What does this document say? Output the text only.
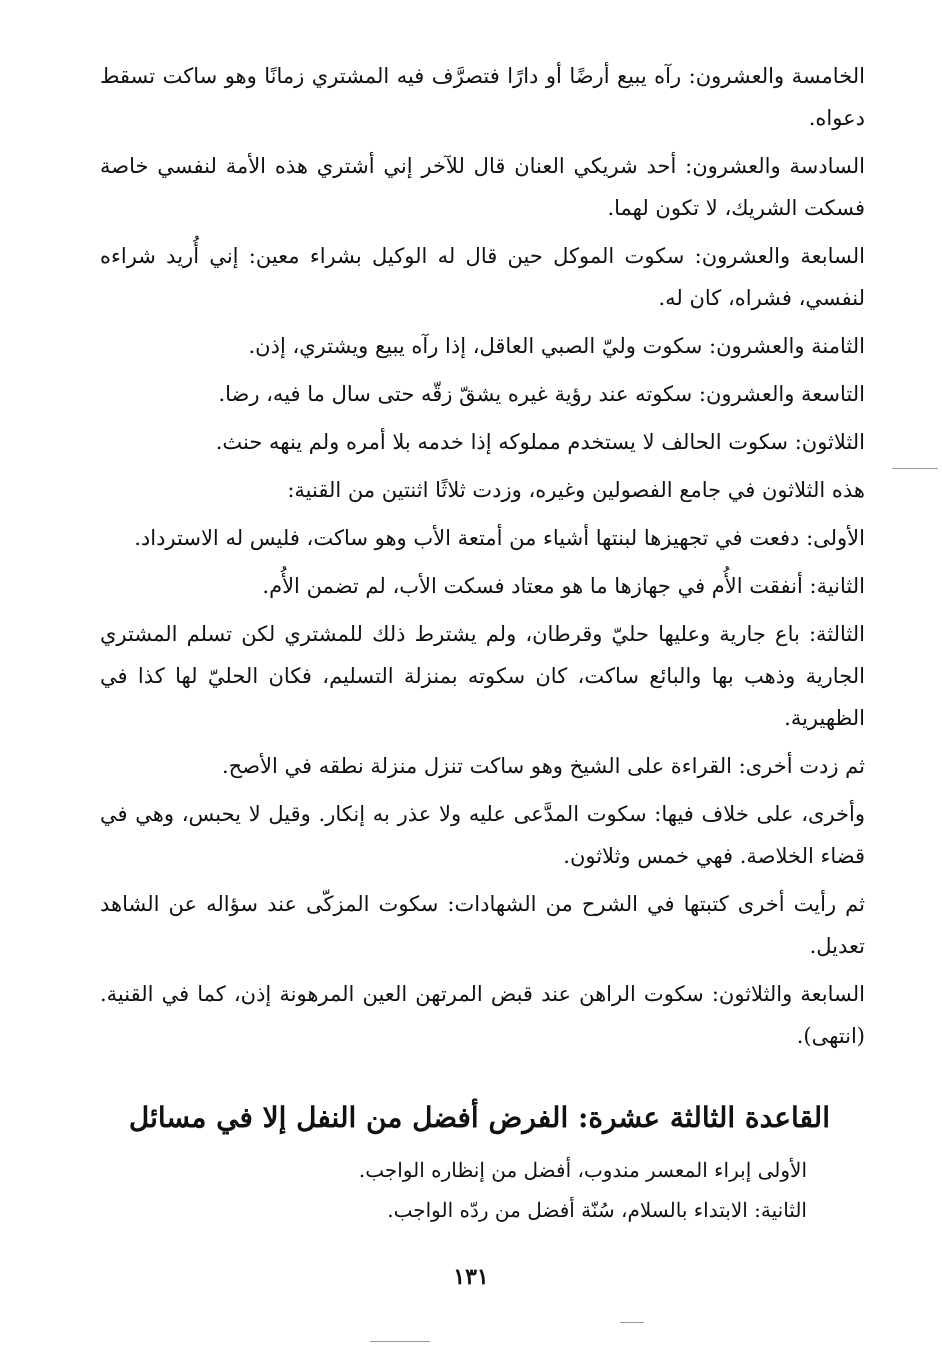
الخامسة والعشرون: رآه يبيع أرضًا أو دارًا فتصرَّف فيه المشتري زمانًا وهو ساكت تسقط دعواه.

السادسة والعشرون: أحد شريكي العنان قال للآخر إني أشتري هذه الأمة لنفسي خاصة فسكت الشريك، لا تكون لهما.

السابعة والعشرون: سكوت الموكل حين قال له الوكيل بشراء معين: إني أُريد شراءه لنفسي، فشراه، كان له.

الثامنة والعشرون: سكوت وليّ الصبي العاقل، إذا رآه يبيع ويشتري، إذن.

التاسعة والعشرون: سكوته عند رؤية غيره يشقّ زقّه حتى سال ما فيه، رضا.

الثلاثون: سكوت الحالف لا يستخدم مملوكه إذا خدمه بلا أمره ولم ينهه حنث.

هذه الثلاثون في جامع الفصولين وغيره، وزدت ثلاثًا اثنتين من القنية:

الأولى: دفعت في تجهيزها لبنتها أشياء من أمتعة الأب وهو ساكت، فليس له الاسترداد.

الثانية: أنفقت الأُم في جهازها ما هو معتاد فسكت الأب، لم تضمن الأُم.

الثالثة: باع جارية وعليها حليّ وقرطان، ولم يشترط ذلك للمشتري لكن تسلم المشتري الجارية وذهب بها والبائع ساكت، كان سكوته بمنزلة التسليم، فكان الحليّ لها كذا في الظهيرية.

ثم زدت أخرى: القراءة على الشيخ وهو ساكت تنزل منزلة نطقه في الأصح.

وأخرى، على خلاف فيها: سكوت المدَّعى عليه ولا عذر به إنكار. وقيل لا يحبس، وهي في قضاء الخلاصة. فهي خمس وثلاثون.

ثم رأيت أخرى كتبتها في الشرح من الشهادات: سكوت المزكّى عند سؤاله عن الشاهد تعديل.

السابعة والثلاثون: سكوت الراهن عند قبض المرتهن العين المرهونة إذن، كما في القنية. (انتهى).

القاعدة الثالثة عشرة: الفرض أفضل من النفل إلا في مسائل

الأولى إبراء المعسر مندوب، أفضل من إنظاره الواجب.

الثانية: الابتداء بالسلام، سُنّة أفضل من ردّه الواجب.

١٣١
